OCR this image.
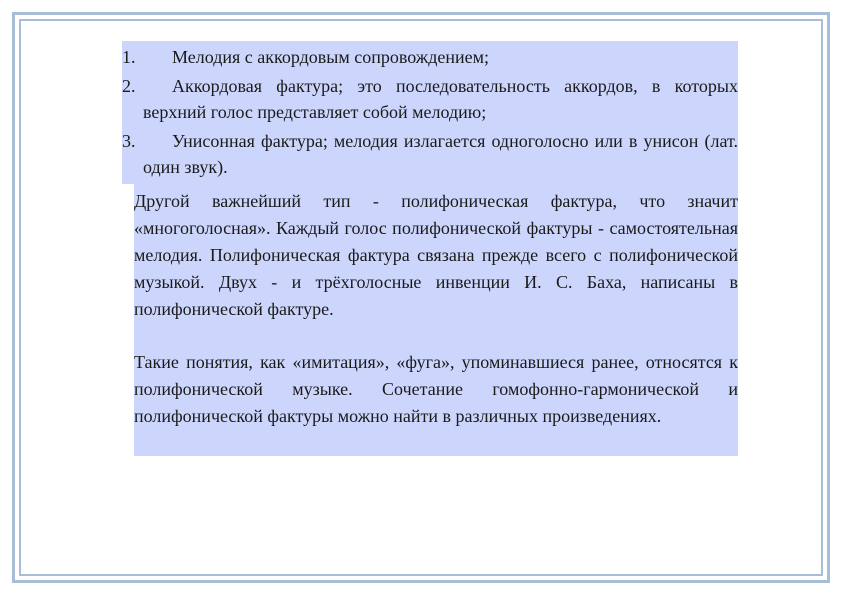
1. Мелодия с аккордовым сопровождением;
2. Аккордовая фактура; это последовательность аккордов, в которых верхний голос представляет собой мелодию;
3. Унисонная фактура; мелодия излагается одноголосно или в унисон (лат. один звук).

Другой важнейший тип - полифоническая фактура, что значит «многоголосная». Каждый голос полифонической фактуры - самостоятельная мелодия. Полифоническая фактура связана прежде всего с полифонической музыкой. Двух - и трёхголосные инвенции И. С. Баха, написаны в полифонической фактуре.

Такие понятия, как «имитация», «фуга», упоминавшиеся ранее, относятся к полифонической музыке. Сочетание гомофонно-гармонической и полифонической фактуры можно найти в различных произведениях.
